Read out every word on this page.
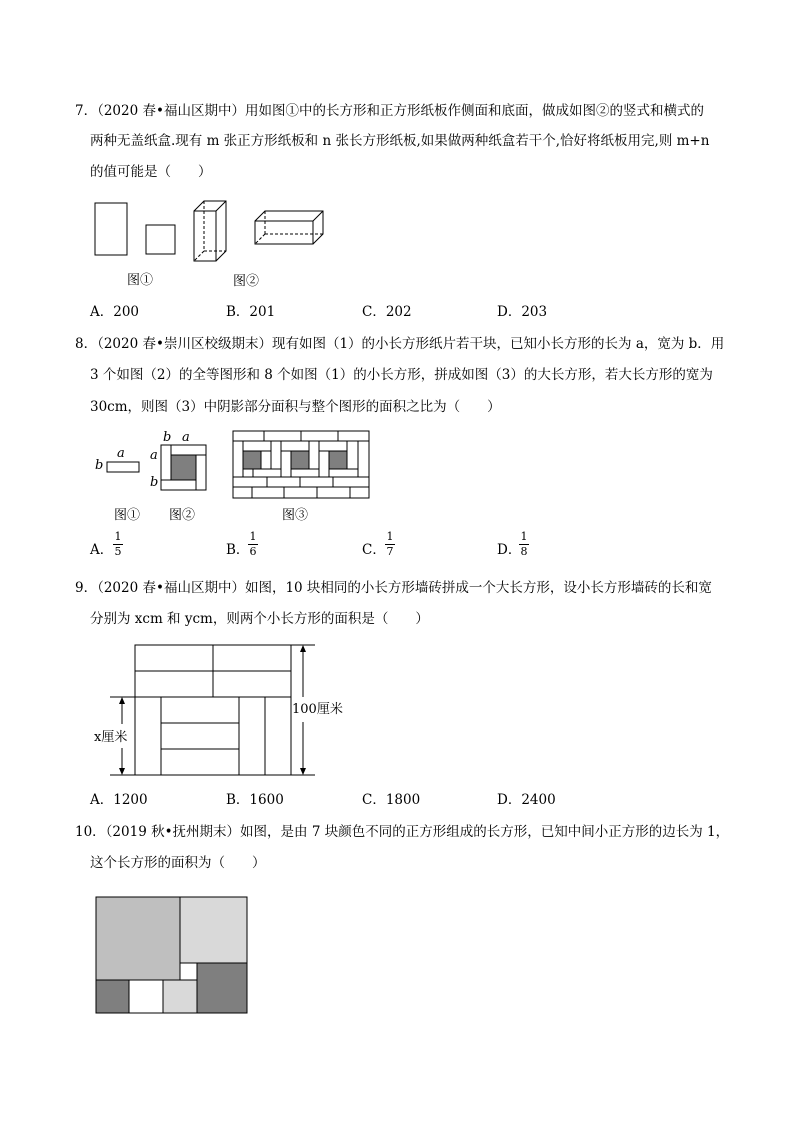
7．（2020 春•福山区期中）用如图①中的长方形和正方形纸板作侧面和底面，做成如图②的竖式和横式的
两种无盖纸盒.现有 m 张正方形纸板和 n 张长方形纸板,如果做两种纸盒若干个,恰好将纸板用完,则 m+n
的值可能是（　　）
图①	图②
A．200	B．201	C．202	D．203
8．（2020 春•崇川区校级期末）现有如图（1）的小长方形纸片若干块，已知小长方形的长为 a，宽为 b．用
3 个如图（2）的全等图形和 8 个如图（1）的小长方形，拼成如图（3）的大长方形，若大长方形的宽为
30cm，则图（3）中阴影部分面积与整个图形的面积之比为（　　）
a
b
b a
a
b
图① 图②	图③
A．
1
5	B．
1
6	C．
1
7	D．
1
8
9．（2020 春•福山区期中）如图，10 块相同的小长方形墙砖拼成一个大长方形，设小长方形墙砖的长和宽
分别为 xcm 和 ycm，则两个小长方形的面积是（　　）
100厘米
x厘米
A．1200	B．1600	C．1800	D．2400
10．（2019 秋•抚州期末）如图，是由 7 块颜色不同的正方形组成的长方形，已知中间小正方形的边长为 1，
这个长方形的面积为（　　）
